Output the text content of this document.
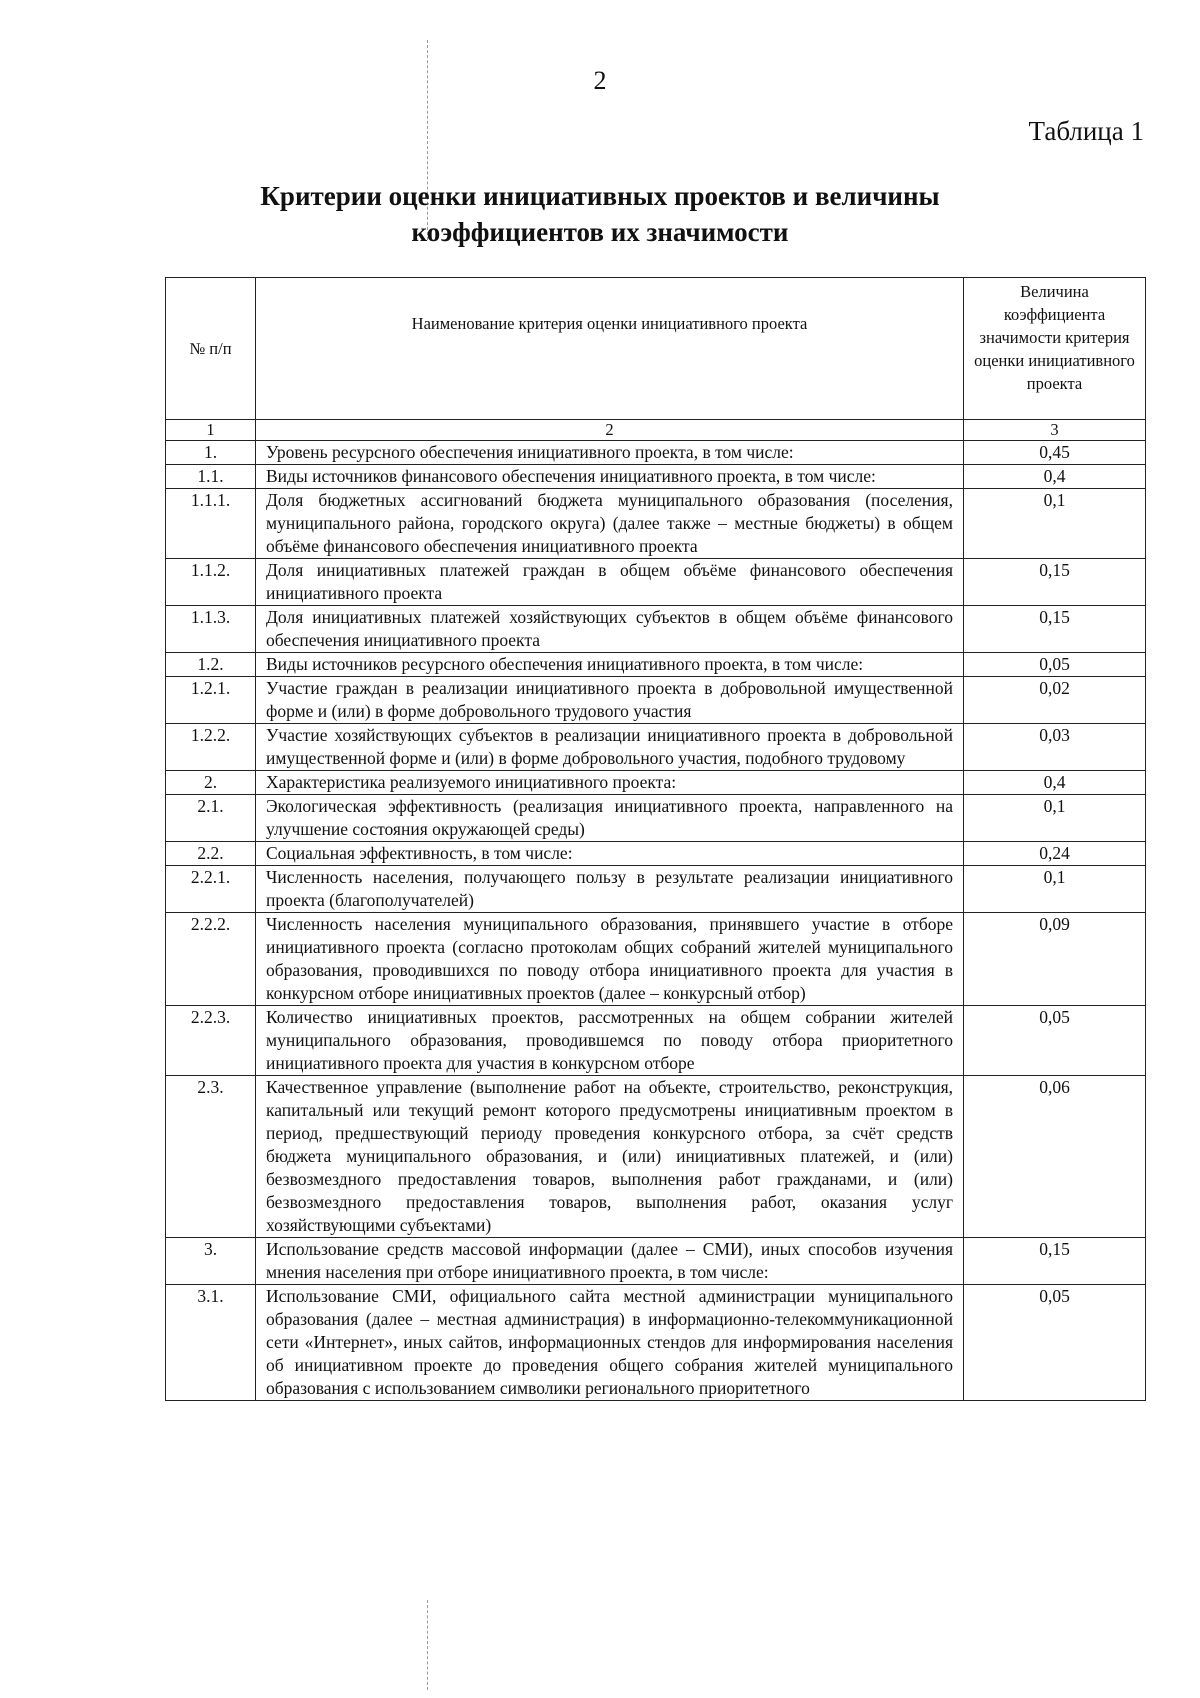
2
Таблица 1
Критерии оценки инициативных проектов и величины
коэффициентов их значимости
№ п/п	Наименование критерия оценки инициативного проекта	Величина коэффициента значимости критерия оценки инициативного проекта
1	2	3
1.	Уровень ресурсного обеспечения инициативного проекта, в том числе:	0,45
1.1.	Виды источников финансового обеспечения инициативного проекта, в том числе:	0,4
1.1.1.	Доля бюджетных ассигнований бюджета муниципального образования (поселения, муниципального района, городского округа) (далее также – местные бюджеты) в общем объёме финансового обеспечения инициативного проекта	0,1
1.1.2.	Доля инициативных платежей граждан в общем объёме финансового обеспечения инициативного проекта	0,15
1.1.3.	Доля инициативных платежей хозяйствующих субъектов в общем объёме финансового обеспечения инициативного проекта	0,15
1.2.	Виды источников ресурсного обеспечения инициативного проекта, в том числе:	0,05
1.2.1.	Участие граждан в реализации инициативного проекта в добровольной имущественной форме и (или) в форме добровольного трудового участия	0,02
1.2.2.	Участие хозяйствующих субъектов в реализации инициативного проекта в добровольной имущественной форме и (или) в форме добровольного участия, подобного трудовому	0,03
2.	Характеристика реализуемого инициативного проекта:	0,4
2.1.	Экологическая эффективность (реализация инициативного проекта, направленного на улучшение состояния окружающей среды)	0,1
2.2.	Социальная эффективность, в том числе:	0,24
2.2.1.	Численность населения, получающего пользу в результате реализации инициативного проекта (благополучателей)	0,1
2.2.2.	Численность населения муниципального образования, принявшего участие в отборе инициативного проекта (согласно протоколам общих собраний жителей муниципального образования, проводившихся по поводу отбора инициативного проекта для участия в конкурсном отборе инициативных проектов (далее – конкурсный отбор)	0,09
2.2.3.	Количество инициативных проектов, рассмотренных на общем собрании жителей муниципального образования, проводившемся по поводу отбора приоритетного инициативного проекта для участия в конкурсном отборе	0,05
2.3.	Качественное управление (выполнение работ на объекте, строительство, реконструкция, капитальный или текущий ремонт которого предусмотрены инициативным проектом в период, предшествующий периоду проведения конкурсного отбора, за счёт средств бюджета муниципального образования, и (или) инициативных платежей, и (или) безвозмездного предоставления товаров, выполнения работ гражданами, и (или) безвозмездного предоставления товаров, выполнения работ, оказания услуг хозяйствующими субъектами)	0,06
3.	Использование средств массовой информации (далее – СМИ), иных способов изучения мнения населения при отборе инициативного проекта, в том числе:	0,15
3.1.	Использование СМИ, официального сайта местной администрации муниципального образования (далее – местная администрация) в информационно-телекоммуникационной сети «Интернет», иных сайтов, информационных стендов для информирования населения об инициативном проекте до проведения общего собрания жителей муниципального образования с использованием символики регионального приоритетного	0,05
